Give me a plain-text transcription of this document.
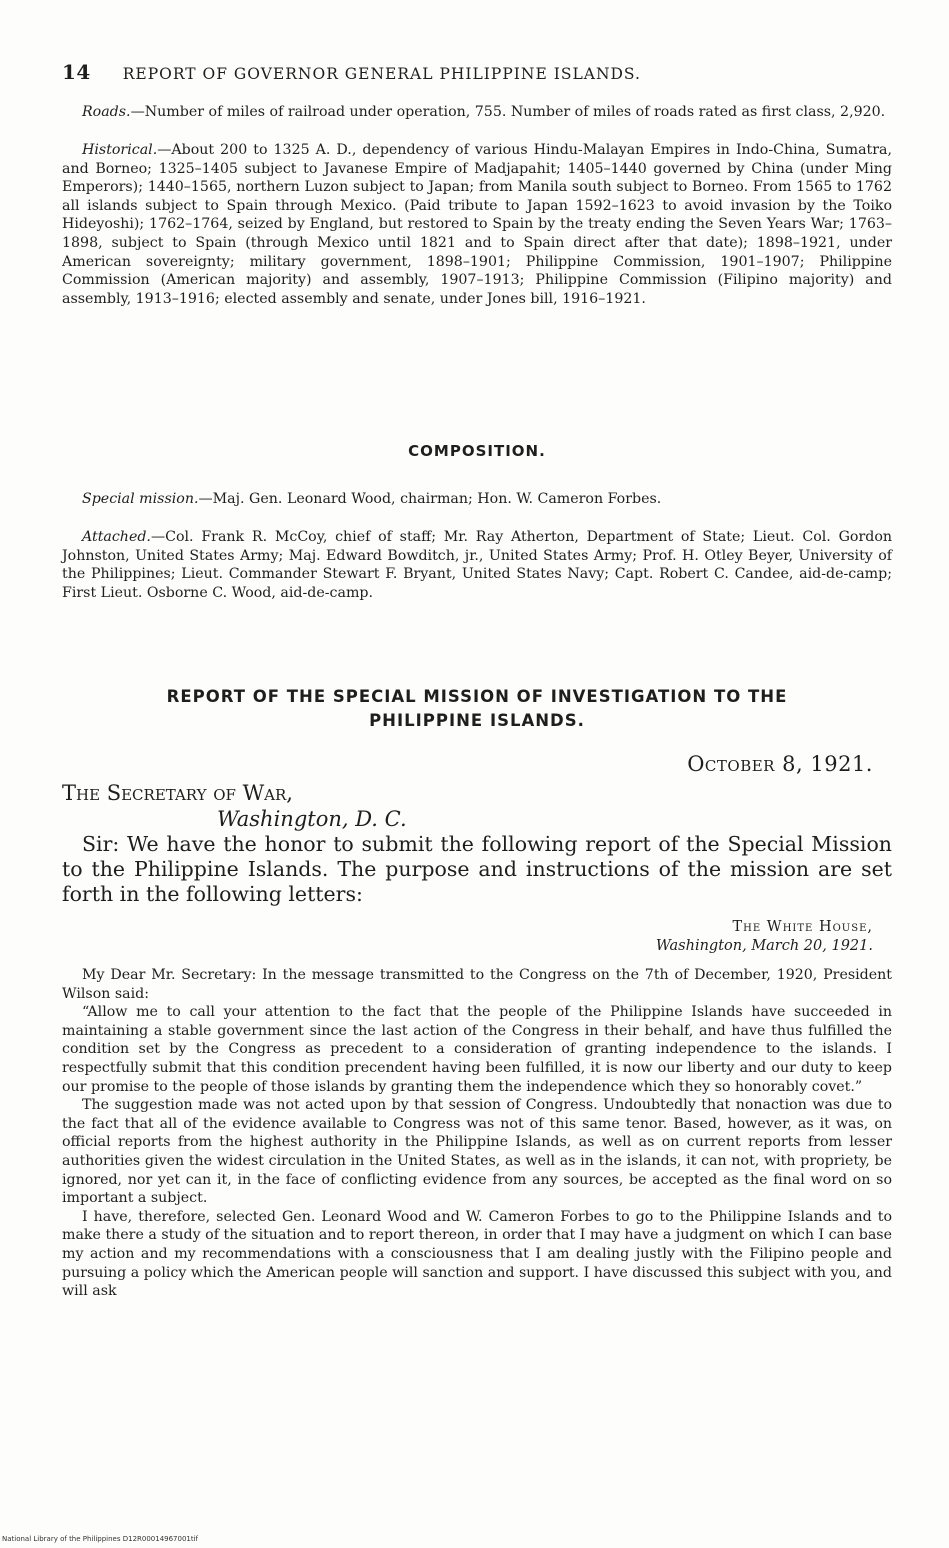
14 REPORT OF GOVERNOR GENERAL PHILIPPINE ISLANDS.

Roads.—Number of miles of railroad under operation, 755. Number of miles of roads rated as first class, 2,920.

Historical.—About 200 to 1325 A. D., dependency of various Hindu-Malayan Empires in Indo-China, Sumatra, and Borneo; 1325–1405 subject to Javanese Empire of Madjapahit; 1405–1440 governed by China (under Ming Emperors); 1440–1565, northern Luzon subject to Japan; from Manila south subject to Borneo. From 1565 to 1762 all islands subject to Spain through Mexico. (Paid tribute to Japan 1592–1623 to avoid invasion by the Toiko Hideyoshi); 1762–1764, seized by England, but restored to Spain by the treaty ending the Seven Years War; 1763–1898, subject to Spain (through Mexico until 1821 and to Spain direct after that date); 1898–1921, under American sovereignty; military government, 1898–1901; Philippine Commission, 1901–1907; Philippine Commission (American majority) and assembly, 1907–1913; Philippine Commission (Filipino majority) and assembly, 1913–1916; elected assembly and senate, under Jones bill, 1916–1921.

COMPOSITION.

Special mission.—Maj. Gen. Leonard Wood, chairman; Hon. W. Cameron Forbes.

Attached.—Col. Frank R. McCoy, chief of staff; Mr. Ray Atherton, Department of State; Lieut. Col. Gordon Johnston, United States Army; Maj. Edward Bowditch, jr., United States Army; Prof. H. Otley Beyer, University of the Philippines; Lieut. Commander Stewart F. Bryant, United States Navy; Capt. Robert C. Candee, aid-de-camp; First Lieut. Osborne C. Wood, aid-de-camp.

REPORT OF THE SPECIAL MISSION OF INVESTIGATION TO THE
PHILIPPINE ISLANDS.
October 8, 1921.
The Secretary of War,
Washington, D. C.

Sir: We have the honor to submit the following report of the Special Mission to the Philippine Islands. The purpose and instructions of the mission are set forth in the following letters:

The White House,
Washington, March 20, 1921.

My Dear Mr. Secretary: In the message transmitted to the Congress on the 7th of December, 1920, President Wilson said:

“Allow me to call your attention to the fact that the people of the Philippine Islands have succeeded in maintaining a stable government since the last action of the Congress in their behalf, and have thus fulfilled the condition set by the Congress as precedent to a consideration of granting independence to the islands. I respectfully submit that this condition precendent having been fulfilled, it is now our liberty and our duty to keep our promise to the people of those islands by granting them the independence which they so honorably covet.”

The suggestion made was not acted upon by that session of Congress. Undoubtedly that nonaction was due to the fact that all of the evidence available to Congress was not of this same tenor. Based, however, as it was, on official reports from the highest authority in the Philippine Islands, as well as on current reports from lesser authorities given the widest circulation in the United States, as well as in the islands, it can not, with propriety, be ignored, nor yet can it, in the face of conflicting evidence from any sources, be accepted as the final word on so important a subject.

I have, therefore, selected Gen. Leonard Wood and W. Cameron Forbes to go to the Philippine Islands and to make there a study of the situation and to report thereon, in order that I may have a judgment on which I can base my action and my recommendations with a consciousness that I am dealing justly with the Filipino people and pursuing a policy which the American people will sanction and support. I have discussed this subject with you, and will ask

National Library of the Philippines D12R00014967001tif
